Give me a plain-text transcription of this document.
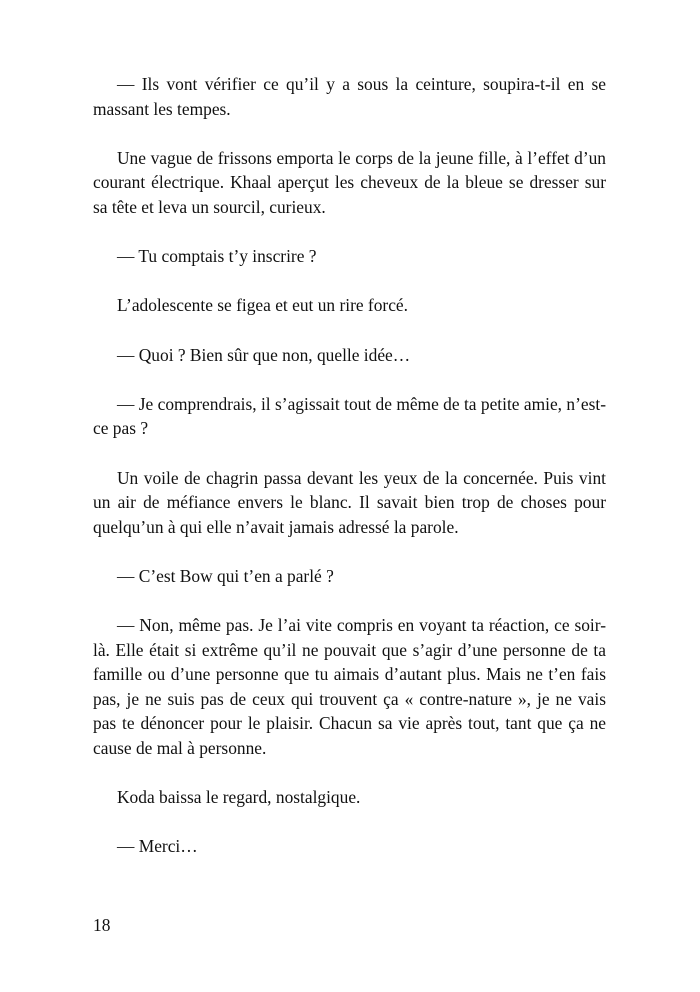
— Ils vont vérifier ce qu’il y a sous la ceinture, soupira-t-il en se massant les tempes.

Une vague de frissons emporta le corps de la jeune fille, à l’effet d’un courant électrique. Khaal aperçut les cheveux de la bleue se dresser sur sa tête et leva un sourcil, curieux.

— Tu comptais t’y inscrire ?

L’adolescente se figea et eut un rire forcé.

— Quoi ? Bien sûr que non, quelle idée…

— Je comprendrais, il s’agissait tout de même de ta petite amie, n’est-ce pas ?

Un voile de chagrin passa devant les yeux de la concernée. Puis vint un air de méfiance envers le blanc. Il savait bien trop de choses pour quelqu’un à qui elle n’avait jamais adressé la parole.

— C’est Bow qui t’en a parlé ?

— Non, même pas. Je l’ai vite compris en voyant ta réaction, ce soir-là. Elle était si extrême qu’il ne pouvait que s’agir d’une personne de ta famille ou d’une personne que tu aimais d’autant plus. Mais ne t’en fais pas, je ne suis pas de ceux qui trouvent ça « contre-nature », je ne vais pas te dénoncer pour le plaisir. Chacun sa vie après tout, tant que ça ne cause de mal à personne.

Koda baissa le regard, nostalgique.

— Merci…

18
